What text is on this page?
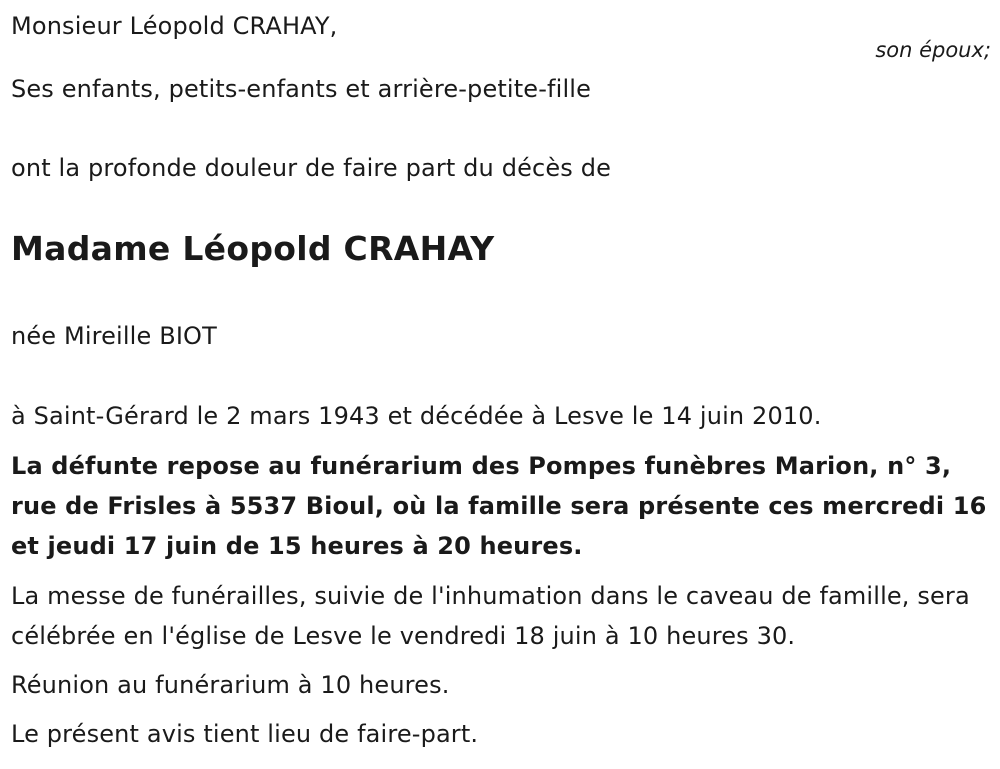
Monsieur Léopold CRAHAY,
son époux;
Ses enfants, petits-enfants et arrière-petite-fille
ont la profonde douleur de faire part du décès de
Madame Léopold CRAHAY
née Mireille BIOT
à Saint-Gérard le 2 mars 1943 et décédée à Lesve le 14 juin 2010.
La défunte repose au funérarium des Pompes funèbres Marion, n° 3, rue de Frisles à 5537 Bioul, où la famille sera présente ces mercredi 16 et jeudi 17 juin de 15 heures à 20 heures.
La messe de funérailles, suivie de l'inhumation dans le caveau de famille, sera célébrée en l'église de Lesve le vendredi 18 juin à 10 heures 30.
Réunion au funérarium à 10 heures.
Le présent avis tient lieu de faire-part.
